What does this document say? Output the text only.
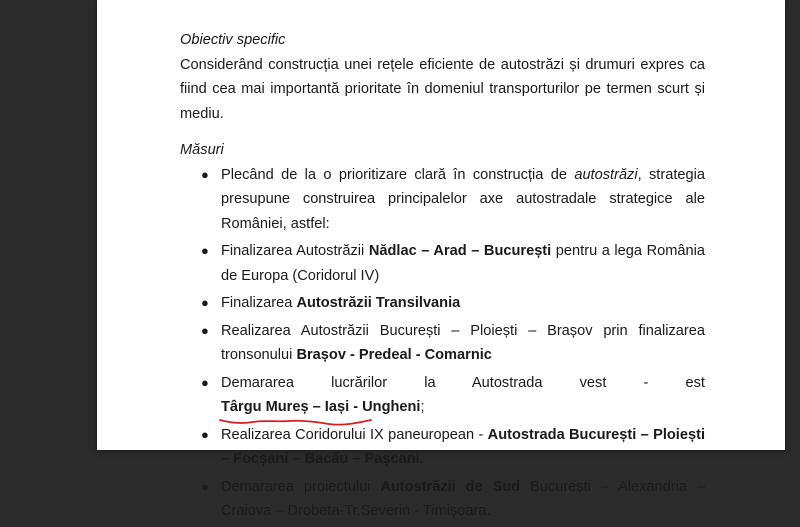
Obiectiv specific
Considerând construcția unei rețele eficiente de autostrăzi și drumuri expres ca fiind cea mai importantă prioritate în domeniul transporturilor pe termen scurt și mediu.
Măsuri
● Plecând de la o prioritizare clară în construcția de autostrăzi, strategia presupune construirea principalelor axe autostradale strategice ale României, astfel:
● Finalizarea Autostrăzii Nădlac – Arad – București pentru a lega România de Europa (Coridorul IV)
● Finalizarea Autostrăzii Transilvania
● Realizarea Autostrăzii București – Ploiești – Brașov prin finalizarea tronsonului Brașov - Predeal - Comarnic
● Demararea lucrărilor la Autostrada vest - est Târgu Mureș – Iași - Ungheni
;
● Realizarea Coridorului IX paneuropean - Autostrada București – Ploiești – Focșani – Bacău – Pașcani.
● Demararea proiectului Autostrăzii de Sud București – Alexandria – Craiova – Drobeta-Tr.Severin - Timișoara.
